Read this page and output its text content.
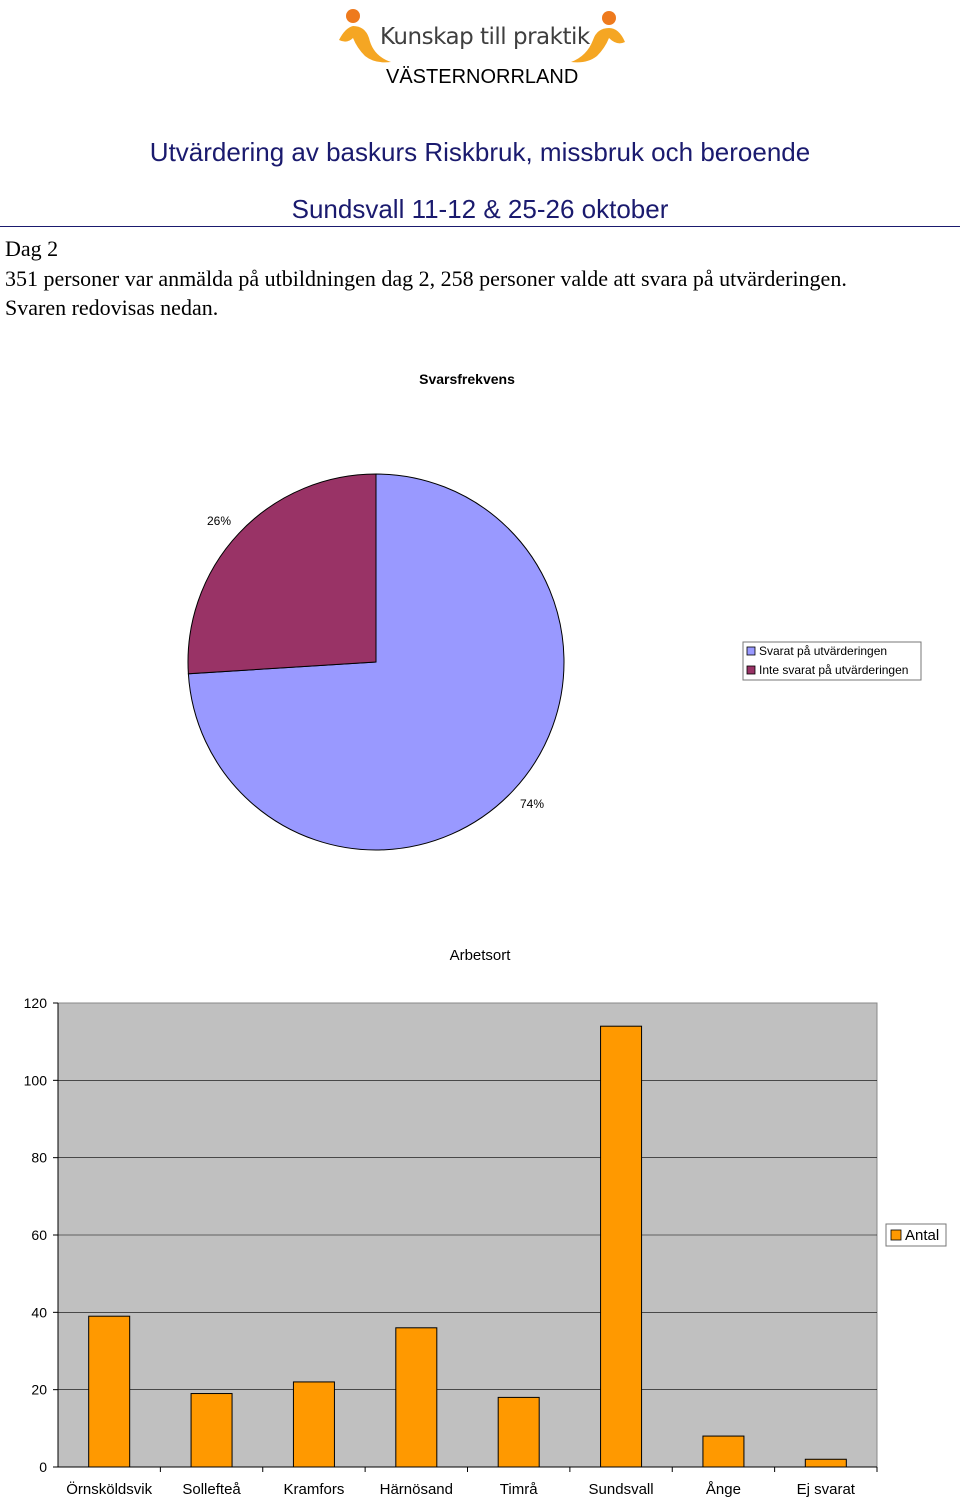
Kunskap till praktik
VÄSTERNORRLAND
Utvärdering av baskurs Riskbruk, missbruk och beroende
Sundsvall 11-12 & 25-26 oktober
Dag 2
351 personer var anmälda på utbildningen dag 2, 258 personer valde att svara på utvärderingen. Svaren redovisas nedan.
Svarsfrekvens
74%
26%
Svarat på utvärderingen
Inte svarat på utvärderingen
Arbetsort
0
20
40
60
80
100
120
Örnsköldsvik Sollefteå	Kramfors Härnösand	Timrå	Sundsvall	Ånge	Ej svarat
Antal
